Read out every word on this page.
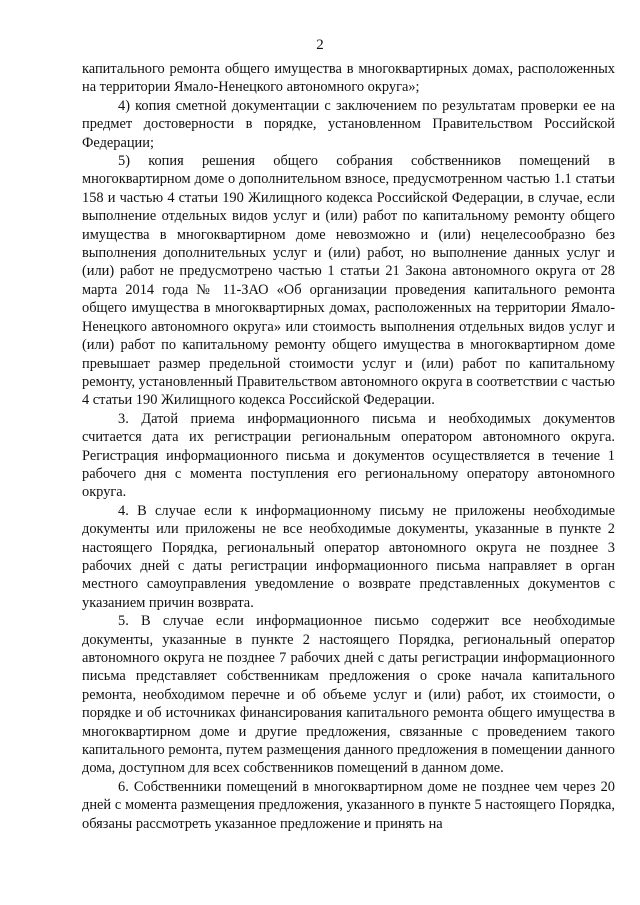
2

капитального ремонта общего имущества в многоквартирных домах, расположенных на территории Ямало-Ненецкого автономного округа»;

4) копия сметной документации с заключением по результатам проверки ее на предмет достоверности в порядке, установленном Правительством Российской Федерации;

5) копия решения общего собрания собственников помещений в многоквартирном доме о дополнительном взносе, предусмотренном частью 1.1 статьи 158 и частью 4 статьи 190 Жилищного кодекса Российской Федерации, в случае, если выполнение отдельных видов услуг и (или) работ по капитальному ремонту общего имущества в многоквартирном доме невозможно и (или) нецелесообразно без выполнения дополнительных услуг и (или) работ, но выполнение данных услуг и (или) работ не предусмотрено частью 1 статьи 21 Закона автономного округа от 28 марта 2014 года № 11-ЗАО «Об организации проведения капитального ремонта общего имущества в многоквартирных домах, расположенных на территории Ямало-Ненецкого автономного округа» или стоимость выполнения отдельных видов услуг и (или) работ по капитальному ремонту общего имущества в многоквартирном доме превышает размер предельной стоимости услуг и (или) работ по капитальному ремонту, установленный Правительством автономного округа в соответствии с частью 4 статьи 190 Жилищного кодекса Российской Федерации.

3. Датой приема информационного письма и необходимых документов считается дата их регистрации региональным оператором автономного округа. Регистрация информационного письма и документов осуществляется в течение 1 рабочего дня с момента поступления его региональному оператору автономного округа.

4. В случае если к информационному письму не приложены необходимые документы или приложены не все необходимые документы, указанные в пункте 2 настоящего Порядка, региональный оператор автономного округа не позднее 3 рабочих дней с даты регистрации информационного письма направляет в орган местного самоуправления уведомление о возврате представленных документов с указанием причин возврата.

5. В случае если информационное письмо содержит все необходимые документы, указанные в пункте 2 настоящего Порядка, региональный оператор автономного округа не позднее 7 рабочих дней с даты регистрации информационного письма представляет собственникам предложения о сроке начала капитального ремонта, необходимом перечне и об объеме услуг и (или) работ, их стоимости, о порядке и об источниках финансирования капитального ремонта общего имущества в многоквартирном доме и другие предложения, связанные с проведением такого капитального ремонта, путем размещения данного предложения в помещении данного дома, доступном для всех собственников помещений в данном доме.

6. Собственники помещений в многоквартирном доме не позднее чем через 20 дней с момента размещения предложения, указанного в пункте 5 настоящего Порядка, обязаны рассмотреть указанное предложение и принять на
